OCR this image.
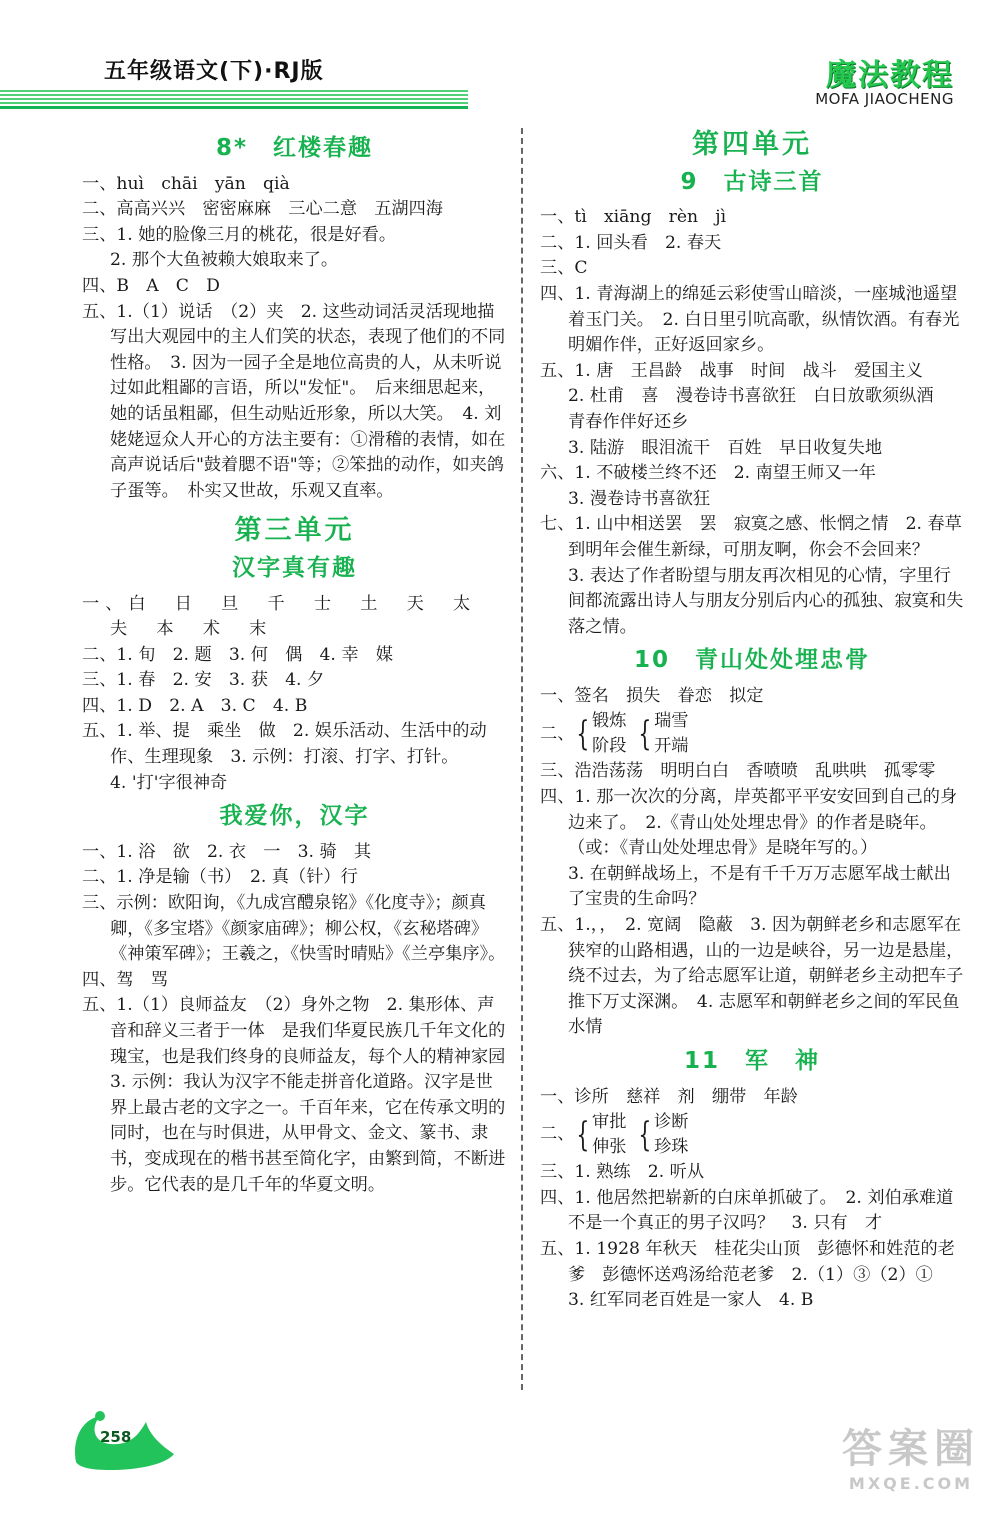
五年级语文(下)·RJ版	魔法教程
MOFA JIAOCHENG
8*　红楼春趣

一、huì　chāi　yān　qià

二、高高兴兴　密密麻麻　三心二意　五湖四海

三、1. 她的脸像三月的桃花，很是好看。

2. 那个大鱼被赖大娘取来了。

四、B　A　C　D

五、1.（1）说话　（2）夹　2. 这些动词活灵活现地描写出大观园中的主人们笑的状态，表现了他们的不同性格。　3. 因为一园子全是地位高贵的人，从未听说过如此粗鄙的言语，所以"发怔"。　后来细思起来，她的话虽粗鄙，但生动贴近形象，所以大笑。　4. 刘姥姥逗众人开心的方法主要有：①滑稽的表情，如在高声说话后"鼓着腮不语"等；②笨拙的动作，如夹鸽子蛋等。　朴实又世故，乐观又直率。

第三单元
汉字真有趣

一、白　日　旦　千　士　土　天　太　夫　本　术　末

二、1. 旬　2. 题　3. 何　偶　4. 幸　媒

三、1. 春　2. 安　3. 获　4. 夕

四、1. D　2. A　3. C　4. B

五、1. 举、提　乘坐　做　2. 娱乐活动、生活中的动作、生理现象　3. 示例：打滚、打字、打针。

4. '打'字很神奇

我爱你，汉字

一、1. 浴　欲　2. 衣　一　3. 骑　其

二、1. 净是输（书）　2. 真（针）行

三、示例：欧阳询，《九成宫醴泉铭》《化度寺》；颜真卿，《多宝塔》《颜家庙碑》；柳公权，《玄秘塔碑》《神策军碑》；王羲之，《快雪时晴贴》《兰亭集序》。

四、驾　骂

五、1.（1）良师益友　（2）身外之物　2. 集形体、声音和辞义三者于一体　是我们华夏民族几千年文化的瑰宝，也是我们终身的良师益友，每个人的精神家园　3. 示例：我认为汉字不能走拼音化道路。汉字是世界上最古老的文字之一。千百年来，它在传承文明的同时，也在与时俱进，从甲骨文、金文、篆书、隶书，变成现在的楷书甚至简化字，由繁到简，不断进步。它代表的是几千年的华夏文明。

第四单元
9　古诗三首

一、tì　xiāng　rèn　jì

二、1. 回头看　2. 春天

三、C

四、1. 青海湖上的绵延云彩使雪山暗淡，一座城池遥望着玉门关。　2. 白日里引吭高歌，纵情饮酒。有春光明媚作伴，正好返回家乡。

五、1. 唐　王昌龄　战事　时间　战斗　爱国主义

2. 杜甫　喜　漫卷诗书喜欲狂　白日放歌须纵酒　青春作伴好还乡

3. 陆游　眼泪流干　百姓　早日收复失地

六、1. 不破楼兰终不还　2. 南望王师又一年

3. 漫卷诗书喜欲狂

七、1. 山中相送罢　罢　寂寞之感、怅惘之情　2. 春草到明年会催生新绿，可朋友啊，你会不会回来？

3. 表达了作者盼望与朋友再次相见的心情，字里行间都流露出诗人与朋友分别后内心的孤独、寂寞和失落之情。

10　青山处处埋忠骨

一、签名　损失　眷恋　拟定

二、 { 锻炼
阶段 { 瑞雪
开端

三、浩浩荡荡　明明白白　香喷喷　乱哄哄　孤零零

四、1. 那一次次的分离，岸英都平平安安回到自己的身边来了。　2.《青山处处埋忠骨》的作者是晓年。（或：《青山处处埋忠骨》是晓年写的。）

3. 在朝鲜战场上，不是有千千万万志愿军战士献出了宝贵的生命吗？

五、1.，，　2. 宽阔　隐蔽　3. 因为朝鲜老乡和志愿军在狭窄的山路相遇，山的一边是峡谷，另一边是悬崖，绕不过去，为了给志愿军让道，朝鲜老乡主动把车子推下万丈深渊。　4. 志愿军和朝鲜老乡之间的军民鱼水情

11　军　神

一、诊所　慈祥　剂　绷带　年龄

二、 { 审批
伸张 { 诊断
珍珠

三、1. 熟练　2. 听从

四、1. 他居然把崭新的白床单抓破了。　2. 刘伯承难道不是一个真正的男子汉吗？　3. 只有　才

五、1. 1928 年秋天　桂花尖山顶　彭德怀和姓范的老爹　彭德怀送鸡汤给范老爹　2.（1）③（2）①　3. 红军同老百姓是一家人　4. B

258	答案圈
MXQE.COM
